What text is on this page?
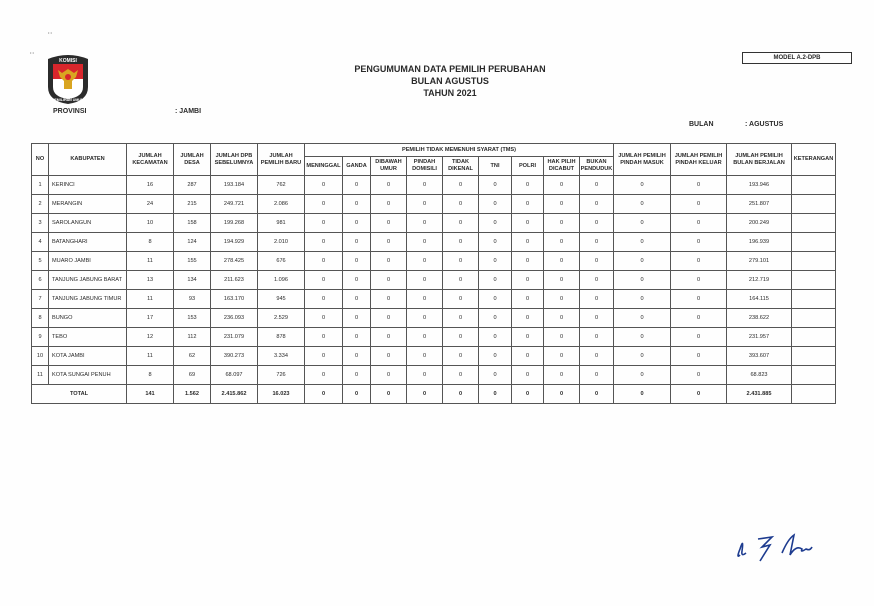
• •
• •
KOMISI
PEMILIHAN UMUM
PROVINSI	: JAMBI
PENGUMUMAN DATA PEMILIH PERUBAHAN
BULAN AGUSTUS
TAHUN 2021
MODEL A.2-DPB
BULAN	: AGUSTUS
NO	KABUPATEN	JUMLAH KECAMATAN	JUMLAH DESA	JUMLAH DPB SEBELUMNYA	JUMLAH PEMILIH BARU	PEMILIH TIDAK MEMENUHI SYARAT (TMS)									JUMLAH PEMILIH PINDAH MASUK	JUMLAH PEMILIH PINDAH KELUAR	JUMLAH PEMILIH BULAN BERJALAN	KETERANGAN
						MENINGGAL	GANDA	DIBAWAH UMUR	PINDAH DOMISILI	TIDAK DIKENAL	TNI	POLRI	HAK PILIH DICABUT	BUKAN PENDUDUK				
1	KERINCI	16	287	193.184	762	0	0	0	0	0	0	0	0	0	0	0	193.946	
2	MERANGIN	24	215	249.721	2.086	0	0	0	0	0	0	0	0	0	0	0	251.807	
3	SAROLANGUN	10	158	199.268	981	0	0	0	0	0	0	0	0	0	0	0	200.249	
4	BATANGHARI	8	124	194.929	2.010	0	0	0	0	0	0	0	0	0	0	0	196.939	
5	MUARO JAMBI	11	155	278.425	676	0	0	0	0	0	0	0	0	0	0	0	279.101	
6	TANJUNG JABUNG BARAT	13	134	211.623	1.096	0	0	0	0	0	0	0	0	0	0	0	212.719	
7	TANJUNG JABUNG TIMUR	11	93	163.170	945	0	0	0	0	0	0	0	0	0	0	0	164.115	
8	BUNGO	17	153	236.093	2.529	0	0	0	0	0	0	0	0	0	0	0	238.622	
9	TEBO	12	112	231.079	878	0	0	0	0	0	0	0	0	0	0	0	231.957	
10	KOTA JAMBI	11	62	390.273	3.334	0	0	0	0	0	0	0	0	0	0	0	393.607	
11	KOTA SUNGAI PENUH	8	69	68.097	726	0	0	0	0	0	0	0	0	0	0	0	68.823	
TOTAL		141	1.562	2.415.862	16.023	0	0	0	0	0	0	0	0	0	0	0	2.431.885	
